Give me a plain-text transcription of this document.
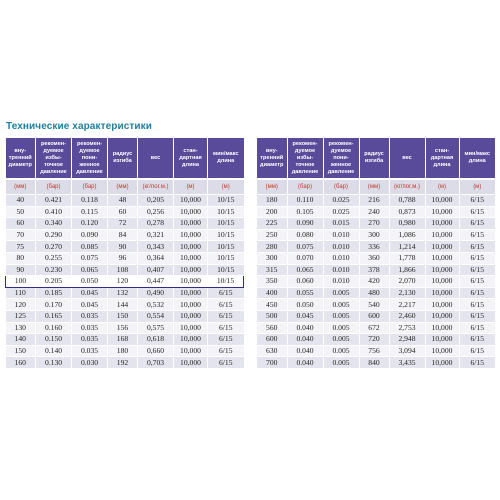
Технические характеристики
вну-
тренний
диаметр	рекомен-
дуемое
избы-
точное
давление	рекомен-
дуемое
пони-
женное
давление	радиус
изгиба	вес	стан-
дартная
длина	мин/макс
длина
(мм)	(бар)	(бар)	(мм)	(кг/пог.м.)	(м)	(м)
40	0.421	0.118	48	0,205	10,000	10/15
50	0.410	0.115	60	0,256	10,000	10/15
60	0.340	0.120	72	0,278	10,000	10/15
70	0.290	0.090	84	0,321	10,000	10/15
75	0.270	0.085	90	0,343	10,000	10/15
80	0.255	0.075	96	0,364	10,000	10/15
90	0.230	0.065	108	0,407	10,000	10/15
100	0.205	0.050	120	0,447	10,000	10/15
110	0.185	0.045	132	0,490	10,000	6/15
120	0.170	0.045	144	0,532	10,000	6/15
125	0.165	0.035	150	0,554	10,000	6/15
130	0.160	0.035	156	0,575	10,000	6/15
140	0.150	0.035	168	0,618	10,000	6/15
150	0.140	0.035	180	0,660	10,000	6/15
160	0.130	0.030	192	0,703	10,000	6/15
вну-
тренний
диаметр	рекомен-
дуемое
избы-
точное
давление	рекомен-
дуемое
пони-
женное
давление	радиус
изгиба	вес	стан-
дартная
длина	мин/макс
длина
(мм)	(бар)	(бар)	(мм)	(кг/пог.м.)	(м)	(м)
180	0.110	0.025	216	0,788	10,000	6/15
200	0.105	0.025	240	0,873	10,000	6/15
225	0.090	0.015	270	0,980	10,000	6/15
250	0.080	0.010	300	1,086	10,000	6/15
280	0.075	0.010	336	1,214	10,000	6/15
300	0.070	0.010	360	1,778	10,000	6/15
315	0.065	0.010	378	1,866	10,000	6/15
350	0.060	0.010	420	2,070	10,000	6/15
400	0.055	0.005	480	2,130	10,000	6/15
450	0.050	0.005	540	2,217	10,000	6/15
500	0.045	0.005	600	2,460	10,000	6/15
560	0.040	0.005	672	2,753	10,000	6/15
600	0.040	0.005	720	2,948	10,000	6/15
630	0.040	0.005	756	3,094	10,000	6/15
700	0.040	0.005	840	3,435	10,000	6/15
